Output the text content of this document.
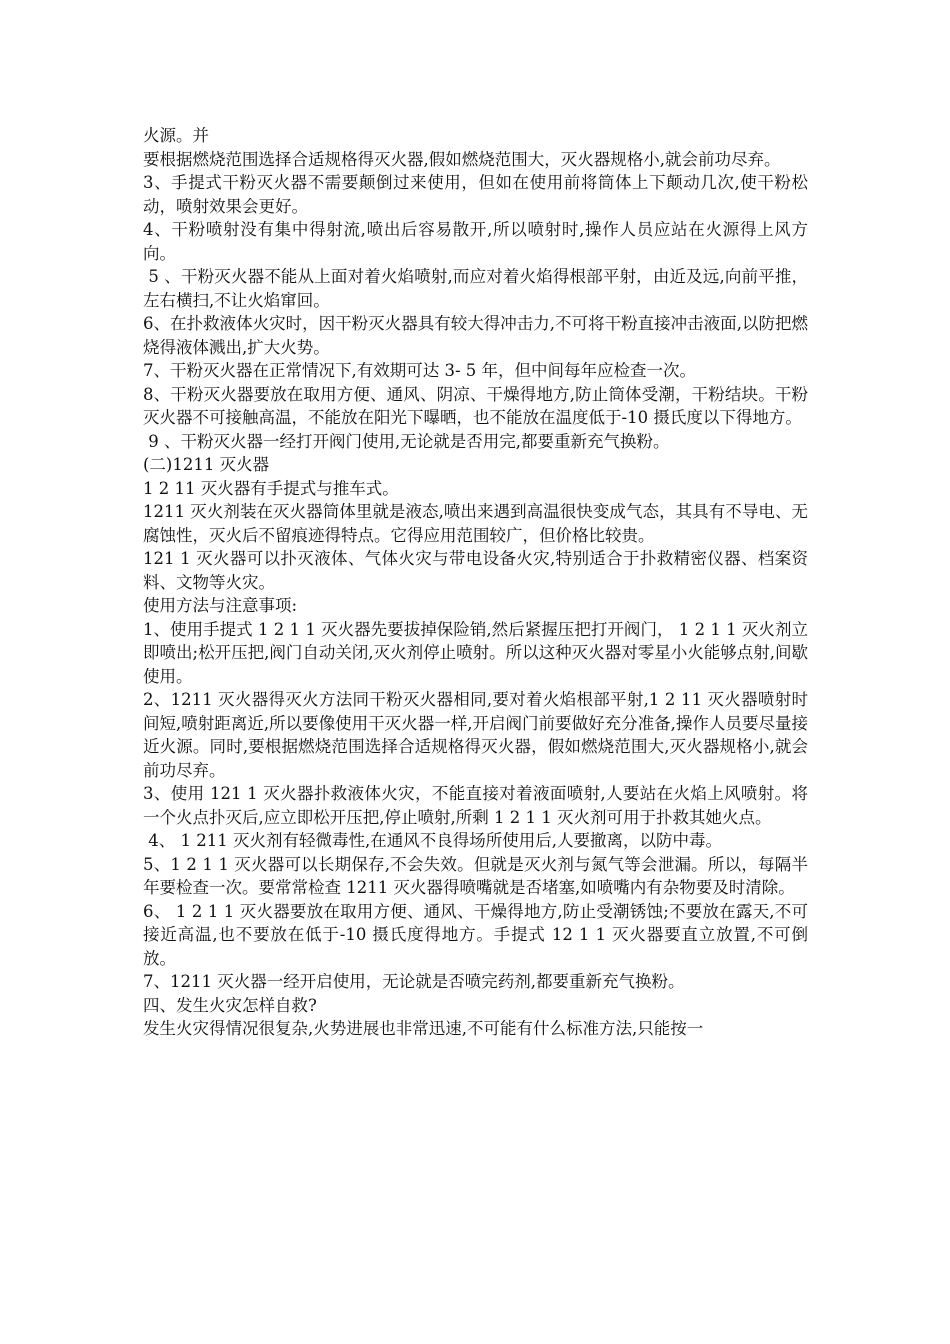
火源。并

要根据燃烧范围选择合适规格得灭火器,假如燃烧范围大，灭火器规格小,就会前功尽弃。

3、手提式干粉灭火器不需要颠倒过来使用，但如在使用前将筒体上下颠动几次,使干粉松动，喷射效果会更好。

4、干粉喷射没有集中得射流,喷出后容易散开,所以喷射时,操作人员应站在火源得上风方向。

5 、干粉灭火器不能从上面对着火焰喷射,而应对着火焰得根部平射，由近及远,向前平推，左右横扫,不让火焰窜回。

6、在扑救液体火灾时，因干粉灭火器具有较大得冲击力,不可将干粉直接冲击液面,以防把燃烧得液体溅出,扩大火势。

7、干粉灭火器在正常情况下,有效期可达 3- 5 年，但中间每年应检查一次。

8、干粉灭火器要放在取用方便、通风、阴凉、干燥得地方,防止筒体受潮，干粉结块。干粉灭火器不可接触高温，不能放在阳光下曝晒，也不能放在温度低于-10 摄氏度以下得地方。

9 、干粉灭火器一经打开阀门使用,无论就是否用完,都要重新充气换粉。

(二)1211 灭火器

1 2 11 灭火器有手提式与推车式。

1211 灭火剂装在灭火器筒体里就是液态,喷出来遇到高温很快变成气态，其具有不导电、无腐蚀性，灭火后不留痕迹得特点。它得应用范围较广，但价格比较贵。

121 1 灭火器可以扑灭液体、气体火灾与带电设备火灾,特别适合于扑救精密仪器、档案资料、文物等火灾。

使用方法与注意事项:

1、使用手提式 1 2 1 1 灭火器先要拔掉保险销,然后紧握压把打开阀门， 1 2 1 1 灭火剂立即喷出;松开压把,阀门自动关闭,灭火剂停止喷射。所以这种灭火器对零星小火能够点射,间歇使用。

2、1211 灭火器得灭火方法同干粉灭火器相同,要对着火焰根部平射,1 2 11 灭火器喷射时间短,喷射距离近,所以要像使用干灭火器一样,开启阀门前要做好充分准备,操作人员要尽量接近火源。同时,要根据燃烧范围选择合适规格得灭火器，假如燃烧范围大,灭火器规格小,就会前功尽弃。

3、使用 121 1 灭火器扑救液体火灾，不能直接对着液面喷射,人要站在火焰上风喷射。将一个火点扑灭后,应立即松开压把,停止喷射,所剩 1 2 1 1 灭火剂可用于扑救其她火点。

4、 1 211 灭火剂有轻微毒性,在通风不良得场所使用后,人要撤离，以防中毒。

5、1 2 1 1 灭火器可以长期保存,不会失效。但就是灭火剂与氮气等会泄漏。所以，每隔半年要检查一次。要常常检查 1211 灭火器得喷嘴就是否堵塞,如喷嘴内有杂物要及时清除。

6、 1 2 1 1 灭火器要放在取用方便、通风、干燥得地方,防止受潮锈蚀;不要放在露天,不可接近高温,也不要放在低于-10 摄氏度得地方。手提式 12 1 1 灭火器要直立放置,不可倒放。

7、1211 灭火器一经开启使用，无论就是否喷完药剂,都要重新充气换粉。

四、发生火灾怎样自救?

发生火灾得情况很复杂,火势进展也非常迅速,不可能有什么标准方法,只能按一
